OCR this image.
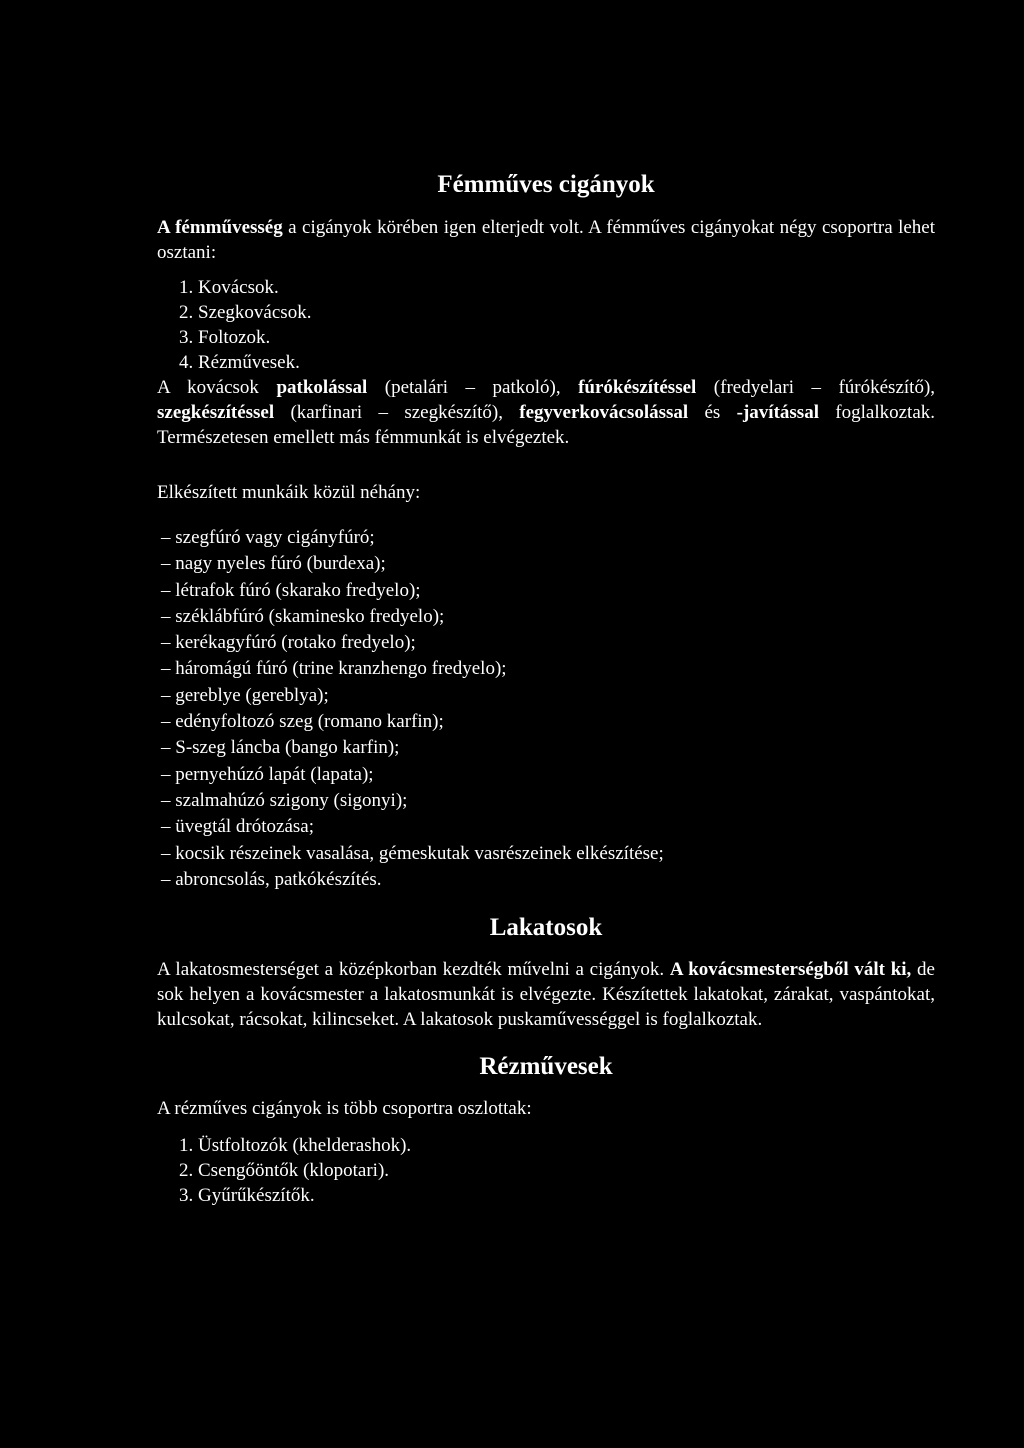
Fémműves cigányok

A fémművesség a cigányok körében igen elterjedt volt. A fémműves cigányokat négy csoportra lehet osztani:

1. Kovácsok.
2. Szegkovácsok.
3. Foltozok.
4. Rézművesek.

A kovácsok patkolással (petalári – patkoló), fúrókészítéssel (fredyelari – fúrókészítő), szegkészítéssel (karfinari – szegkészítő), fegyverkovácsolással és -javítással foglalkoztak. Természetesen emellett más fémmunkát is elvégeztek.

Elkészített munkáik közül néhány:

– szegfúró vagy cigányfúró;
– nagy nyeles fúró (burdexa);
– létrafok fúró (skarako fredyelo);
– széklábfúró (skaminesko fredyelo);
– kerékagyfúró (rotako fredyelo);
– háromágú fúró (trine kranzhengo fredyelo);
– gereblye (gereblya);
– edényfoltozó szeg (romano karfin);
– S-szeg láncba (bango karfin);
– pernyehúzó lapát (lapata);
– szalmahúzó szigony (sigonyi);
– üvegtál drótozása;
– kocsik részeinek vasalása, gémeskutak vasrészeinek elkészítése;
– abroncsolás, patkókészítés.
Lakatosok

A lakatosmesterséget a középkorban kezdték művelni a cigányok. A kovácsmesterségből vált ki, de sok helyen a kovácsmester a lakatosmunkát is elvégezte. Készítettek lakatokat, zárakat, vaspántokat, kulcsokat, rácsokat, kilincseket. A lakatosok puskaművességgel is foglalkoztak.

Rézművesek

A rézműves cigányok is több csoportra oszlottak:

1. Üstfoltozók (khelderashok).
2. Csengőöntők (klopotari).
3. Gyűrűkészítők.
